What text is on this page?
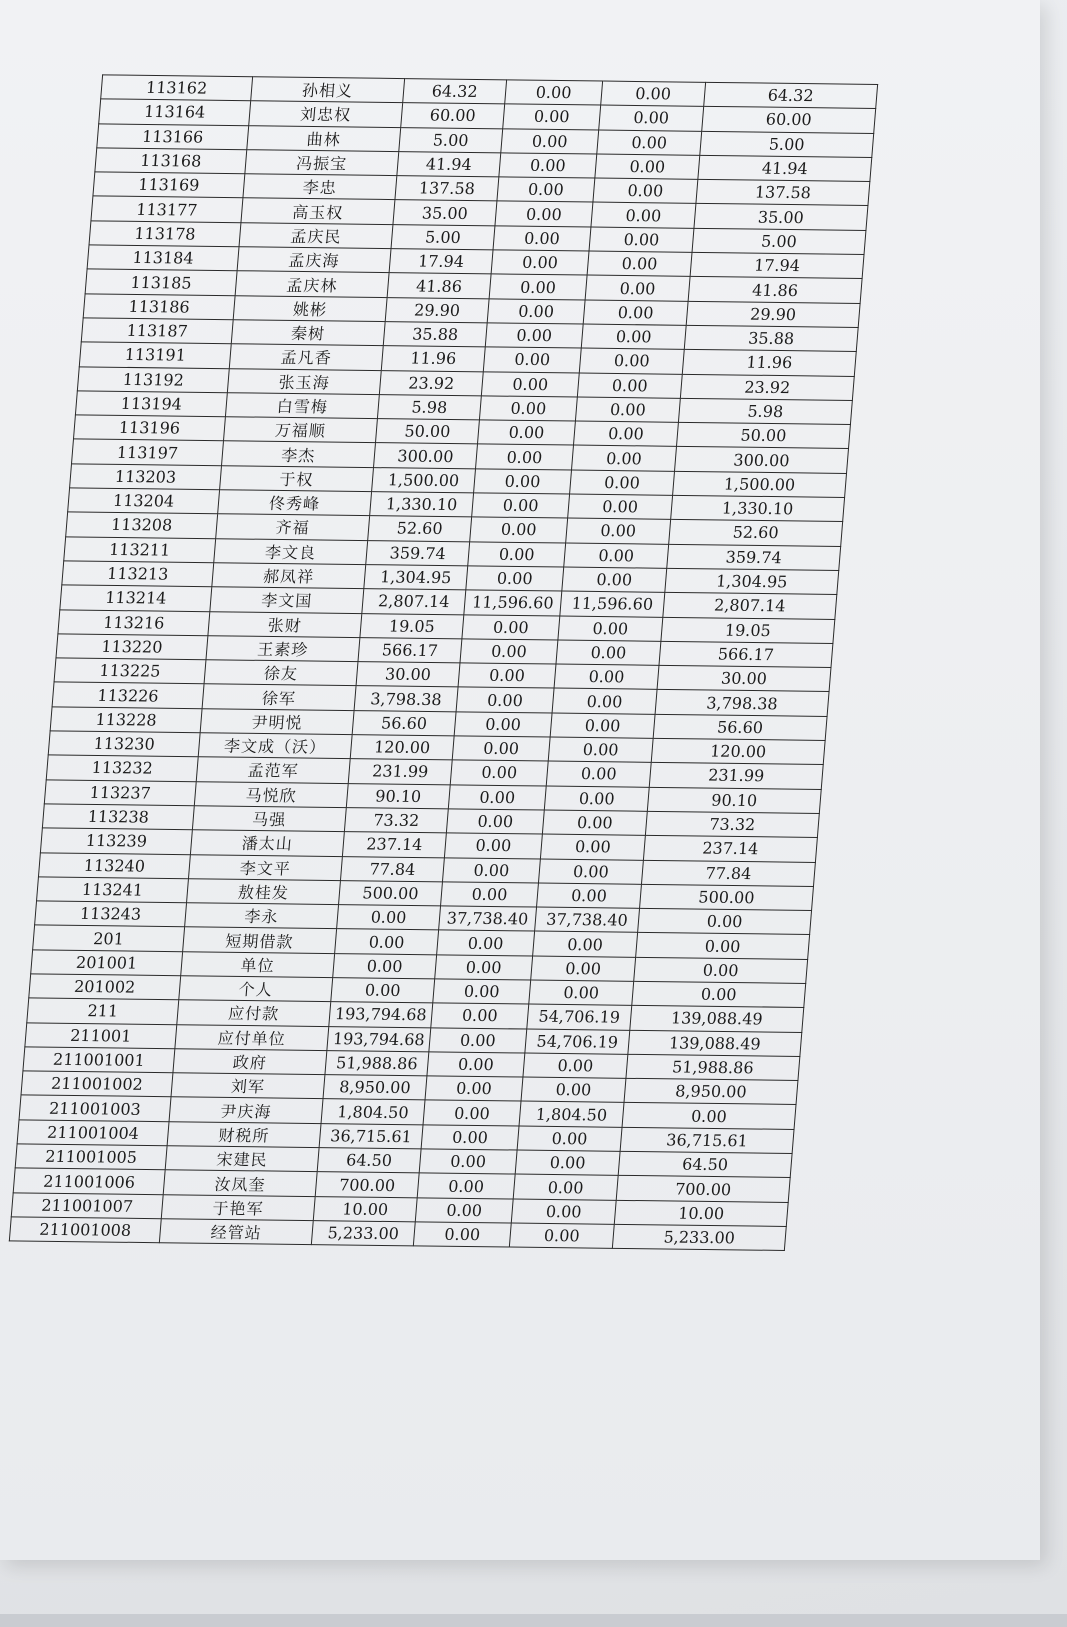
113162	孙相义	64.32	0.00	0.00	64.32
113164	刘忠权	60.00	0.00	0.00	60.00
113166	曲林	5.00	0.00	0.00	5.00
113168	冯振宝	41.94	0.00	0.00	41.94
113169	李忠	137.58	0.00	0.00	137.58
113177	高玉权	35.00	0.00	0.00	35.00
113178	孟庆民	5.00	0.00	0.00	5.00
113184	孟庆海	17.94	0.00	0.00	17.94
113185	孟庆林	41.86	0.00	0.00	41.86
113186	姚彬	29.90	0.00	0.00	29.90
113187	秦树	35.88	0.00	0.00	35.88
113191	孟凡香	11.96	0.00	0.00	11.96
113192	张玉海	23.92	0.00	0.00	23.92
113194	白雪梅	5.98	0.00	0.00	5.98
113196	万福顺	50.00	0.00	0.00	50.00
113197	李杰	300.00	0.00	0.00	300.00
113203	于权	1,500.00	0.00	0.00	1,500.00
113204	佟秀峰	1,330.10	0.00	0.00	1,330.10
113208	齐福	52.60	0.00	0.00	52.60
113211	李文良	359.74	0.00	0.00	359.74
113213	郝凤祥	1,304.95	0.00	0.00	1,304.95
113214	李文国	2,807.14	11,596.60	11,596.60	2,807.14
113216	张财	19.05	0.00	0.00	19.05
113220	王素珍	566.17	0.00	0.00	566.17
113225	徐友	30.00	0.00	0.00	30.00
113226	徐军	3,798.38	0.00	0.00	3,798.38
113228	尹明悦	56.60	0.00	0.00	56.60
113230	李文成（沃）	120.00	0.00	0.00	120.00
113232	孟范军	231.99	0.00	0.00	231.99
113237	马悦欣	90.10	0.00	0.00	90.10
113238	马强	73.32	0.00	0.00	73.32
113239	潘太山	237.14	0.00	0.00	237.14
113240	李文平	77.84	0.00	0.00	77.84
113241	敖桂发	500.00	0.00	0.00	500.00
113243	李永	0.00	37,738.40	37,738.40	0.00
201	短期借款	0.00	0.00	0.00	0.00
201001	单位	0.00	0.00	0.00	0.00
201002	个人	0.00	0.00	0.00	0.00
211	应付款	193,794.68	0.00	54,706.19	139,088.49
211001	应付单位	193,794.68	0.00	54,706.19	139,088.49
211001001	政府	51,988.86	0.00	0.00	51,988.86
211001002	刘军	8,950.00	0.00	0.00	8,950.00
211001003	尹庆海	1,804.50	0.00	1,804.50	0.00
211001004	财税所	36,715.61	0.00	0.00	36,715.61
211001005	宋建民	64.50	0.00	0.00	64.50
211001006	汝凤奎	700.00	0.00	0.00	700.00
211001007	于艳军	10.00	0.00	0.00	10.00
211001008	经管站	5,233.00	0.00	0.00	5,233.00
